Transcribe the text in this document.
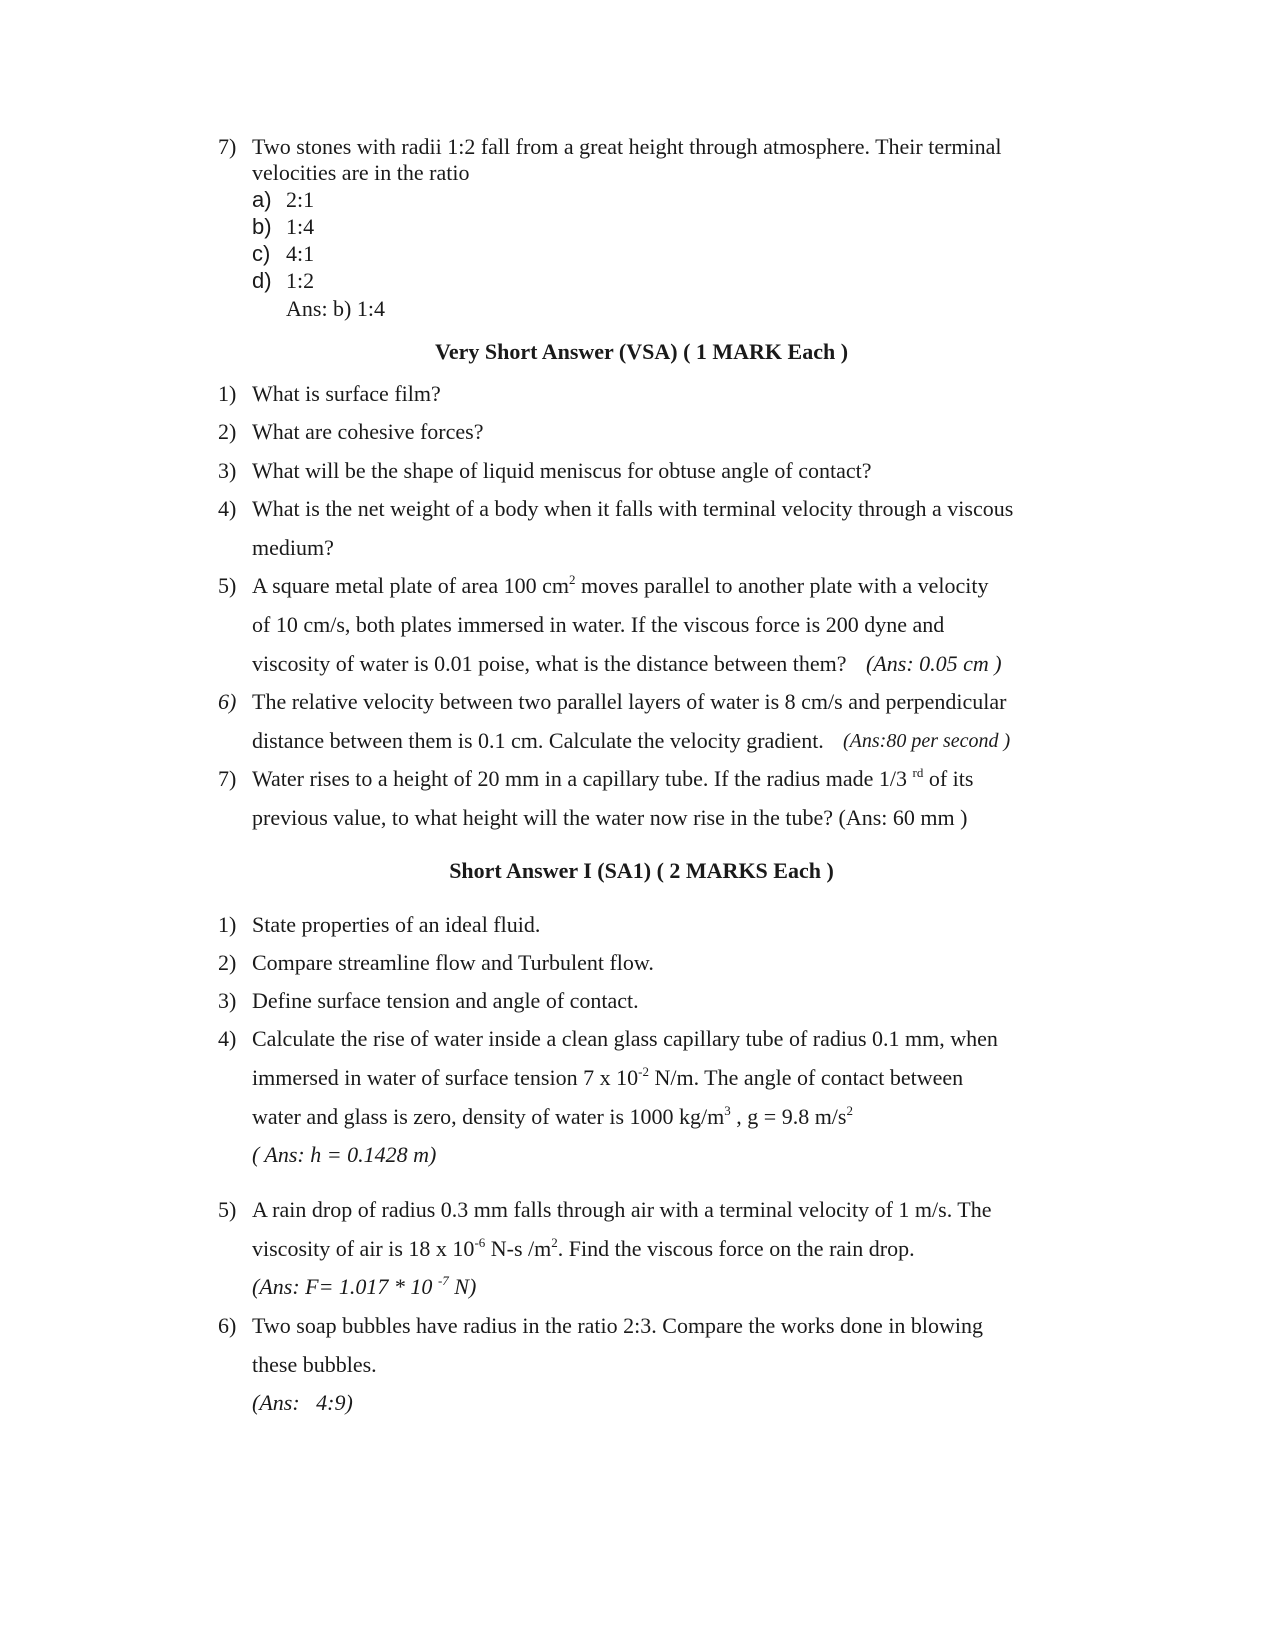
7) Two stones with radii 1:2 fall from a great height through atmosphere. Their terminal
velocities are in the ratio
a) 2:1
b) 1:4
c) 4:1
d) 1:2
Ans: b) 1:4
Very Short Answer (VSA) ( 1 MARK Each )
1) What is surface film?
2) What are cohesive forces?
3) What will be the shape of liquid meniscus for obtuse angle of contact?
4) What is the net weight of a body when it falls with terminal velocity through a viscous
medium?
5) A square metal plate of area 100 $cm^2$ moves parallel to another plate with a velocity
of 10 cm/s, both plates immersed in water. If the viscous force is 200 dyne and
viscosity of water is 0.01 poise, what is the distance between them? (Ans: 0.05 cm )
6) The relative velocity between two parallel layers of water is 8 cm/s and perpendicular
distance between them is 0.1 cm. Calculate the velocity gradient. (Ans:80 per second )
7) Water rises to a height of 20 mm in a capillary tube. If the radius made 1/3 $^{rd}$ of its
previous value, to what height will the water now rise in the tube? (Ans: 60 mm )
Short Answer I (SA1) ( 2 MARKS Each )
1) State properties of an ideal fluid.
2) Compare streamline flow and Turbulent flow.
3) Define surface tension and angle of contact.
4) Calculate the rise of water inside a clean glass capillary tube of radius 0.1 mm, when
immersed in water of surface tension 7 x $10^{-2}$ N/m. The angle of contact between
water and glass is zero, density of water is 1000 $kg/m^3$ , g = 9.8 $m/s^2$
( Ans: h = 0.1428 m)
5) A rain drop of radius 0.3 mm falls through air with a terminal velocity of 1 m/s. The
viscosity of air is 18 x $10^{-6}$ N-s $/m^2$. Find the viscous force on the rain drop.
(Ans: F= 1.017 * 10 $^{-7}$ N)
6) Two soap bubbles have radius in the ratio 2:3. Compare the works done in blowing
these bubbles.
(Ans:   4:9)
